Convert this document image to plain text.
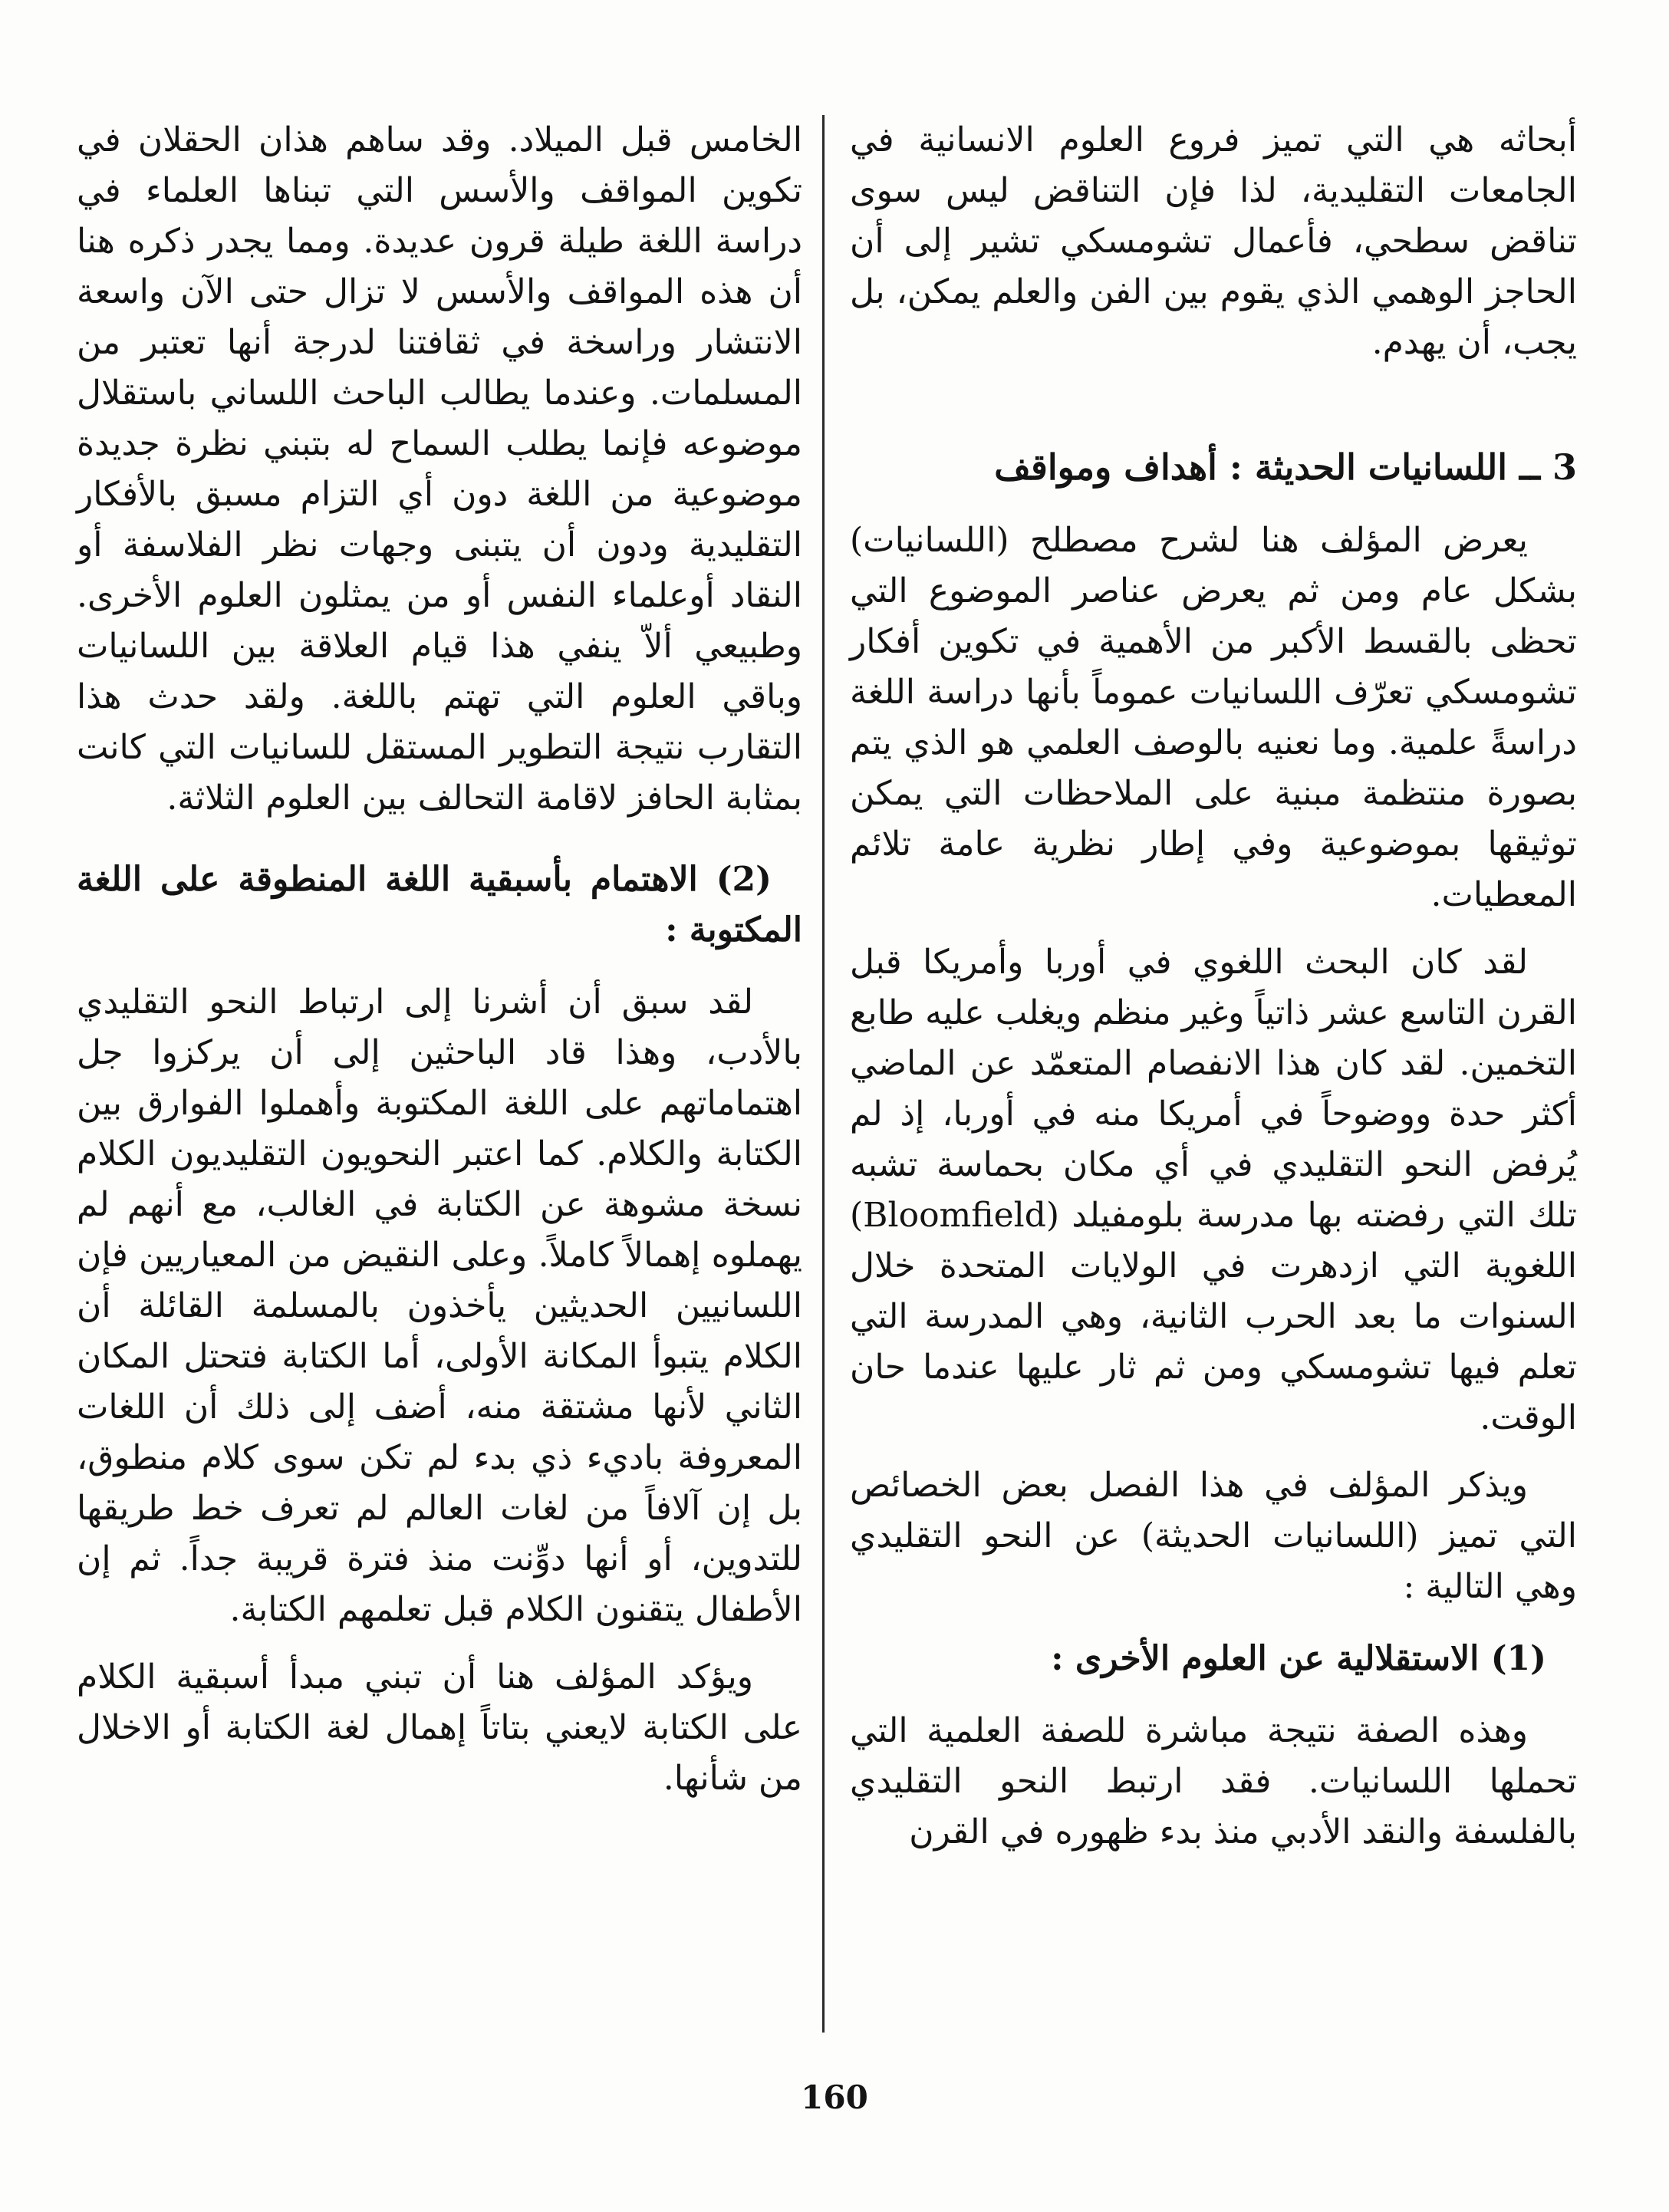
أبحاثه هي التي تميز فروع العلوم الانسانية في الجامعات التقليدية، لذا فإن التناقض ليس سوى تناقض سطحي، فأعمال تشومسكي تشير إلى أن الحاجز الوهمي الذي يقوم بين الفن والعلم يمكن، بل يجب، أن يهدم.

3 ــ اللسانيات الحديثة : أهداف ومواقف

يعرض المؤلف هنا لشرح مصطلح (اللسانيات) بشكل عام ومن ثم يعرض عناصر الموضوع التي تحظى بالقسط الأكبر من الأهمية في تكوين أفكار تشومسكي تعرّف اللسانيات عموماً بأنها دراسة اللغة دراسةً علمية. وما نعنيه بالوصف العلمي هو الذي يتم بصورة منتظمة مبنية على الملاحظات التي يمكن توثيقها بموضوعية وفي إطار نظرية عامة تلائم المعطيات.

لقد كان البحث اللغوي في أوربا وأمريكا قبل القرن التاسع عشر ذاتياً وغير منظم ويغلب عليه طابع التخمين. لقد كان هذا الانفصام المتعمّد عن الماضي أكثر حدة ووضوحاً في أمريكا منه في أوربا، إذ لم يُرفض النحو التقليدي في أي مكان بحماسة تشبه تلك التي رفضته بها مدرسة بلومفيلد (Bloomfield) اللغوية التي ازدهرت في الولايات المتحدة خلال السنوات ما بعد الحرب الثانية، وهي المدرسة التي تعلم فيها تشومسكي ومن ثم ثار عليها عندما حان الوقت.

ويذكر المؤلف في هذا الفصل بعض الخصائص التي تميز (اللسانيات الحديثة) عن النحو التقليدي وهي التالية :

(1) الاستقلالية عن العلوم الأخرى :

وهذه الصفة نتيجة مباشرة للصفة العلمية التي تحملها اللسانيات. فقد ارتبط النحو التقليدي بالفلسفة والنقد الأدبي منذ بدء ظهوره في القرن

الخامس قبل الميلاد. وقد ساهم هذان الحقلان في تكوين المواقف والأسس التي تبناها العلماء في دراسة اللغة طيلة قرون عديدة. ومما يجدر ذكره هنا أن هذه المواقف والأسس لا تزال حتى الآن واسعة الانتشار وراسخة في ثقافتنا لدرجة أنها تعتبر من المسلمات. وعندما يطالب الباحث اللساني باستقلال موضوعه فإنما يطلب السماح له بتبني نظرة جديدة موضوعية من اللغة دون أي التزام مسبق بالأفكار التقليدية ودون أن يتبنى وجهات نظر الفلاسفة أو النقاد أوعلماء النفس أو من يمثلون العلوم الأخرى. وطبيعي ألاّ ينفي هذا قيام العلاقة بين اللسانيات وباقي العلوم التي تهتم باللغة. ولقد حدث هذا التقارب نتيجة التطوير المستقل للسانيات التي كانت بمثابة الحافز لاقامة التحالف بين العلوم الثلاثة.

(2) الاهتمام بأسبقية اللغة المنطوقة على اللغة المكتوبة :

لقد سبق أن أشرنا إلى ارتباط النحو التقليدي بالأدب، وهذا قاد الباحثين إلى أن يركزوا جل اهتماماتهم على اللغة المكتوبة وأهملوا الفوارق بين الكتابة والكلام. كما اعتبر النحويون التقليديون الكلام نسخة مشوهة عن الكتابة في الغالب، مع أنهم لم يهملوه إهمالاً كاملاً. وعلى النقيض من المعياريين فإن اللسانيين الحديثين يأخذون بالمسلمة القائلة أن الكلام يتبوأ المكانة الأولى، أما الكتابة فتحتل المكان الثاني لأنها مشتقة منه، أضف إلى ذلك أن اللغات المعروفة باديء ذي بدء لم تكن سوى كلام منطوق، بل إن آلافاً من لغات العالم لم تعرف خط طريقها للتدوين، أو أنها دوِّنت منذ فترة قريبة جداً. ثم إن الأطفال يتقنون الكلام قبل تعلمهم الكتابة.

ويؤكد المؤلف هنا أن تبني مبدأ أسبقية الكلام على الكتابة لايعني بتاتاً إهمال لغة الكتابة أو الاخلال من شأنها.

160
